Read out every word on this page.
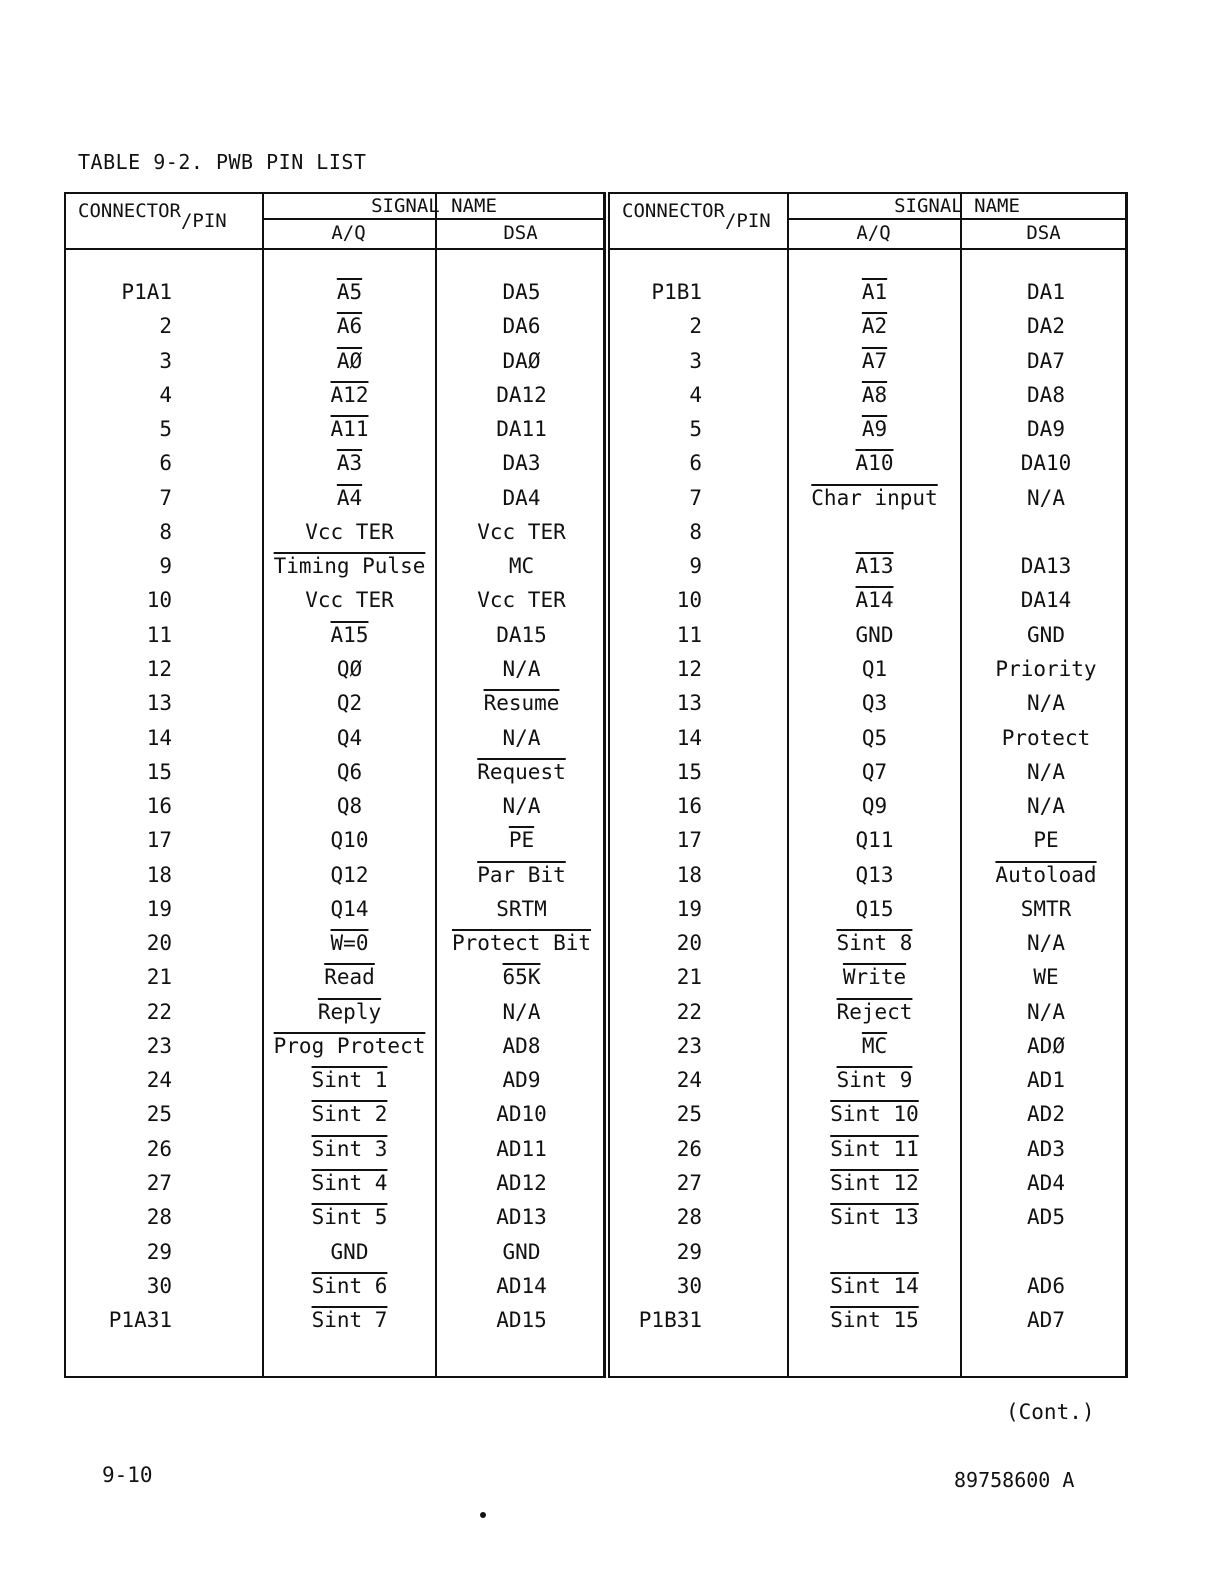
TABLE 9-2. PWB PIN LIST
$CONNECTOR_{/PIN}$
SIGNAL NAME
A/Q	DSA
P1A1	A5	DA5
2	A6	DA6
3	$\overline{AØ}$	DAØ
4	A12	DA12
5	A11	DA11
6	A3	DA3
7	A4	DA4
8	Vcc TER	Vcc TER
9	Timing Pulse	MC
10	Vcc TER	Vcc TER
11	A15	DA15
12	QØ	N/A
13	Q2	Resume
14	Q4	N/A
15	Q6	Request
16	Q8	N/A
17	Q10	$\overline{PE}$
18	Q12	Par Bit
19	Q14	SRTM
20	W=0	Protect Bit
21	Read	65K
22	Reply	N/A
23	Prog Protect	AD8
24	Sint 1	AD9
25	Sint 2	AD10
26	Sint 3	AD11
27	Sint 4	AD12
28	Sint 5	AD13
29	GND	GND
30	Sint 6	AD14
P1A31	Sint 7	AD15
$CONNECTOR_{/PIN}$
SIGNAL NAME
A/Q	DSA
P1B1	A1	DA1
2	A2	DA2
3	A7	DA7
4	A8	DA8
5	A9	DA9
6	A10	DA10
7	Char input	N/A
8
9	A13	DA13
10	A14	DA14
11	GND	GND
12	Q1	Priority
13	Q3	N/A
14	Q5	Protect
15	Q7	N/A
16	Q9	N/A
17	Q11	PE
18	Q13	Autoload
19	Q15	SMTR
20	Sint 8	N/A
21	Write	WE
22	Reject	N/A
23	$\overline{MC}$	ADØ
24	Sint 9	AD1
25	Sint 10	AD2
26	Sint 11	AD3
27	Sint 12	AD4
28	Sint 13	AD5
29
30	Sint 14	AD6
P1B31	Sint 15	AD7
(Cont.)
9-10	89758600 A
